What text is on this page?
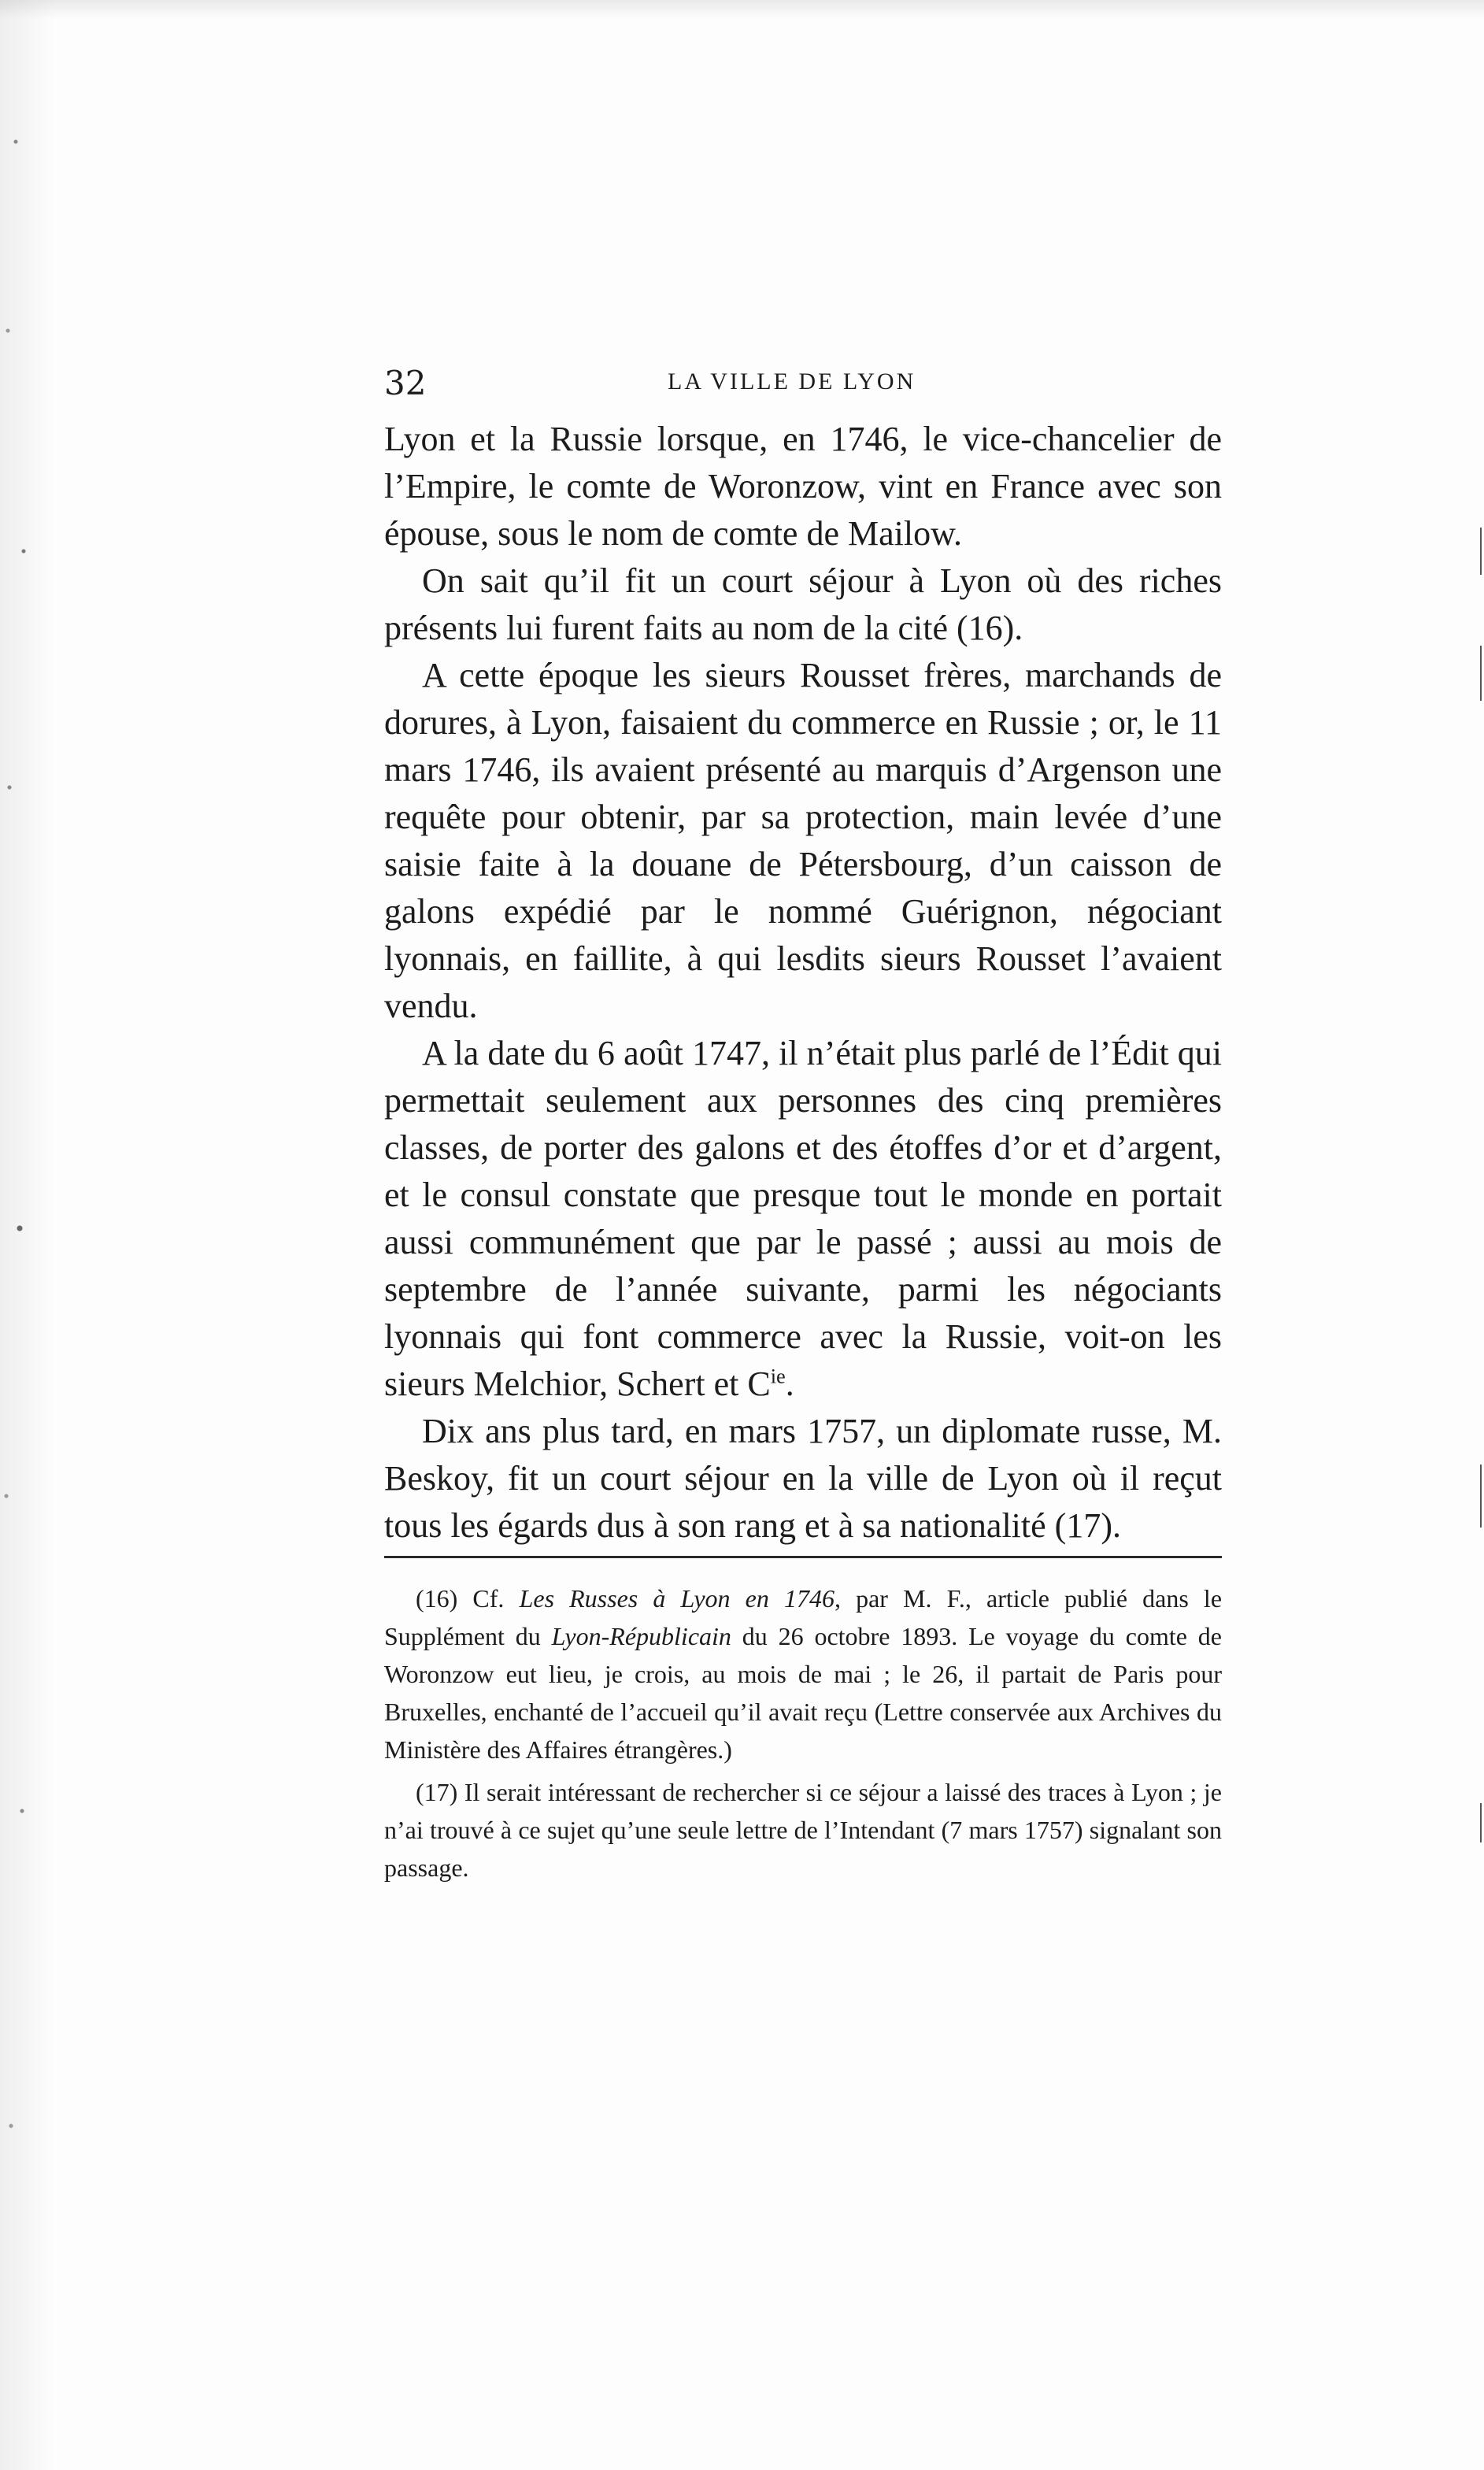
32	LA VILLE DE LYON

Lyon et la Russie lorsque, en 1746, le vice-chancelier de l’Empire, le comte de Woronzow, vint en France avec son épouse, sous le nom de comte de Mailow.

On sait qu’il fit un court séjour à Lyon où des riches présents lui furent faits au nom de la cité (16).

A cette époque les sieurs Rousset frères, marchands de dorures, à Lyon, faisaient du commerce en Russie ; or, le 11 mars 1746, ils avaient présenté au marquis d’Argenson une requête pour obtenir, par sa protection, main levée d’une saisie faite à la douane de Pétersbourg, d’un caisson de galons expédié par le nommé Guérignon, négociant lyonnais, en faillite, à qui lesdits sieurs Rousset l’avaient vendu.

A la date du 6 août 1747, il n’était plus parlé de l’Édit qui permettait seulement aux personnes des cinq premières classes, de porter des galons et des étoffes d’or et d’argent, et le consul constate que presque tout le monde en portait aussi communément que par le passé ; aussi au mois de septembre de l’année suivante, parmi les négociants lyonnais qui font commerce avec la Russie, voit-on les sieurs Melchior, Schert et $C^{ie}$.

Dix ans plus tard, en mars 1757, un diplomate russe, M. Beskoy, fit un court séjour en la ville de Lyon où il reçut tous les égards dus à son rang et à sa nationalité (17).

(16) Cf. Les Russes à Lyon en 1746, par M. F., article publié dans le Supplément du Lyon-Républicain du 26 octobre 1893. Le voyage du comte de Woronzow eut lieu, je crois, au mois de mai ; le 26, il partait de Paris pour Bruxelles, enchanté de l’accueil qu’il avait reçu (Lettre conservée aux Archives du Ministère des Affaires étrangères.)

(17) Il serait intéressant de rechercher si ce séjour a laissé des traces à Lyon ; je n’ai trouvé à ce sujet qu’une seule lettre de l’Intendant (7 mars 1757) signalant son passage.
